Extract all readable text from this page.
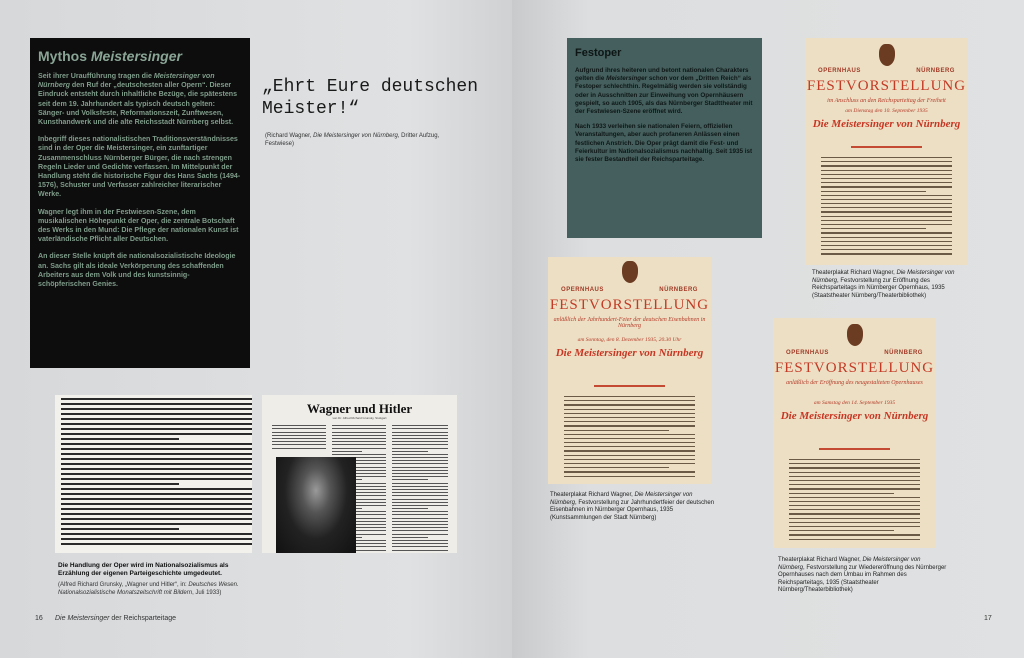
Mythos Meistersinger

Seit ihrer Uraufführung tragen die Meistersinger von Nürnberg den Ruf der „deutschesten aller Opern“. Dieser Eindruck entsteht durch inhaltliche Bezüge, die spätestens seit dem 19. Jahrhundert als typisch deutsch gelten: Sänger- und Volksfeste, Reformationszeit, Zunftwesen, Kunsthandwerk und die alte Reichsstadt Nürnberg selbst.

Inbegriff dieses nationalistischen Traditionsverständnisses sind in der Oper die Meistersinger, ein zunftartiger Zusammenschluss Nürnberger Bürger, die nach strengen Regeln Lieder und Gedichte verfassen. Im Mittelpunkt der Handlung steht die historische Figur des Hans Sachs (1494-1576), Schuster und Verfasser zahlreicher literarischer Werke.

Wagner legt ihm in der Festwiesen-Szene, dem musikalischen Höhepunkt der Oper, die zentrale Botschaft des Werks in den Mund: Die Pflege der nationalen Kunst ist vaterländische Pflicht aller Deutschen.

An dieser Stelle knüpft die nationalsozialistische Ideologie an. Sachs gilt als ideale Verkörperung des schaffenden Arbeiters aus dem Volk und des kunstsinnig-schöpferischen Genies.

„Ehrt Eure deutschen Meister!“
(Richard Wagner, Die Meistersinger von Nürnberg, Dritter Aufzug, Festwiese)
Wagner und Hitler
von Dr. Alfred Richard Grunsky, Stuttgart
Die Handlung der Oper wird im Nationalsozialismus als Erzählung der eigenen Parteigeschichte umgedeutet.
(Alfred Richard Grunsky, „Wagner und Hitler“, in: Deutsches Wesen. Nationalsozialistische Monatszeitschrift mit Bildern, Juli 1933)
16 Die Meistersinger der Reichsparteitage
Festoper

Aufgrund ihres heiteren und betont nationalen Charakters gelten die Meistersinger schon vor dem „Dritten Reich“ als Festoper schlechthin. Regelmäßig werden sie vollständig oder in Ausschnitten zur Einweihung von Opernhäusern gespielt, so auch 1905, als das Nürnberger Stadttheater mit der Festwiesen-Szene eröffnet wird.

Nach 1933 verleihen sie nationalen Feiern, offiziellen Veranstaltungen, aber auch profaneren Anlässen einen festlichen Anstrich. Die Oper prägt damit die Fest- und Feierkultur im Nationalsozialismus nachhaltig. Seit 1935 ist sie fester Bestandteil der Reichsparteitage.

OPERNHAUS	NÜRNBERG
FESTVORSTELLUNG
im Anschluss an den Reichsparteitag der Freiheit
am Dienstag den 10. September 1935
Die Meistersinger von Nürnberg
Theaterplakat Richard Wagner, Die Meistersinger von Nürnberg, Festvorstellung zur Eröffnung des Reichsparteitags im Nürnberger Opernhaus, 1935 (Staatstheater Nürnberg/Theaterbibliothek)
OPERNHAUS	NÜRNBERG
FESTVORSTELLUNG
anläßlich der Jahrhundert-Feier der deutschen Eisenbahnen in Nürnberg
am Sonntag, den 8. Dezember 1935, 20.30 Uhr
Die Meistersinger von Nürnberg
Theaterplakat Richard Wagner, Die Meistersinger von Nürnberg, Festvorstellung zur Jahrhundertfeier der deutschen Eisenbahnen im Nürnberger Opernhaus, 1935 (Kunstsammlungen der Stadt Nürnberg)
OPERNHAUS	NÜRNBERG
FESTVORSTELLUNG
anläßlich der Eröffnung des neugestalteten Opernhauses
am Samstag den 14. September 1935
Die Meistersinger von Nürnberg
Theaterplakat Richard Wagner, Die Meistersinger von Nürnberg, Festvorstellung zur Wiedereröffnung des Nürnberger Opernhauses nach dem Umbau im Rahmen des Reichsparteitags, 1935 (Staatstheater Nürnberg/Theaterbibliothek)
17
